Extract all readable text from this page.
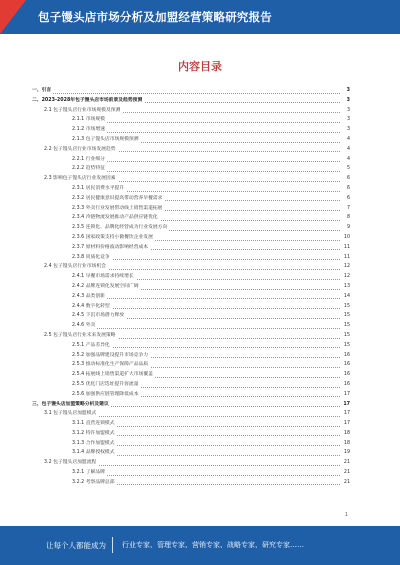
包子馒头店市场分析及加盟经营策略研究报告
内容目录
一、引言	3
二、2023-2028年包子馒头店市场前景及趋势预测	3
2.1 包子馒头店行业市场规模及预测	3
2.1.1 市场规模	3
2.1.2 市场增速	3
2.1.3 包子馒头店市场规模预测	4
2.2 包子馒头店行业市场发展趋势	4
2.2.1 行业细分	4
2.2.2 趋势特征	5
2.3 影响包子馒头店行业发展因素	6
2.3.1 居民消费水平提升	6
2.3.2 居民健康意识提高带动营养早餐需求	6
2.3.3 外卖行业发展带动线上销售渠道拓展	7
2.3.4 冷链物流发展推动产品供应链优化	8
2.3.5 连锁化、品牌化经营成为行业发展方向	9
2.3.6 国家政策支持小微餐饮企业发展	10
2.3.7 原材料价格波动影响经营成本	11
2.3.8 同质化竞争	11
2.4 包子馒头店行业市场机会	12
2.4.1 早餐市场需求持续增长	12
2.4.2 品牌连锁化发展空间广阔	13
2.4.3 品类创新	14
2.4.4 数字化转型	15
2.4.5 下沉市场潜力释放	15
2.4.6 外卖	15
2.5 包子馒头店行业未来发展策略	15
2.5.1 产品差异化	15
2.5.2 加强品牌建设提升市场竞争力	16
2.5.3 推动标准化生产保障产品品质	16
2.5.4 拓展线上销售渠道扩大市场覆盖	16
2.5.5 优化门店选址提升客流量	16
2.5.6 加强供应链管理降低成本	17
三、包子馒头店加盟策略分析及建议	17
3.1 包子馒头店加盟模式	17
3.1.1 直营连锁模式	17
3.1.2 特许加盟模式	18
3.1.3 合作加盟模式	18
3.1.4 品牌授权模式	19
3.2 包子馒头店加盟流程	21
3.2.1 了解品牌	21
3.2.2 考察品牌总部	21
1
让每个人都能成为 行业专家、管理专家、营销专家、战略专家、研究专家……
